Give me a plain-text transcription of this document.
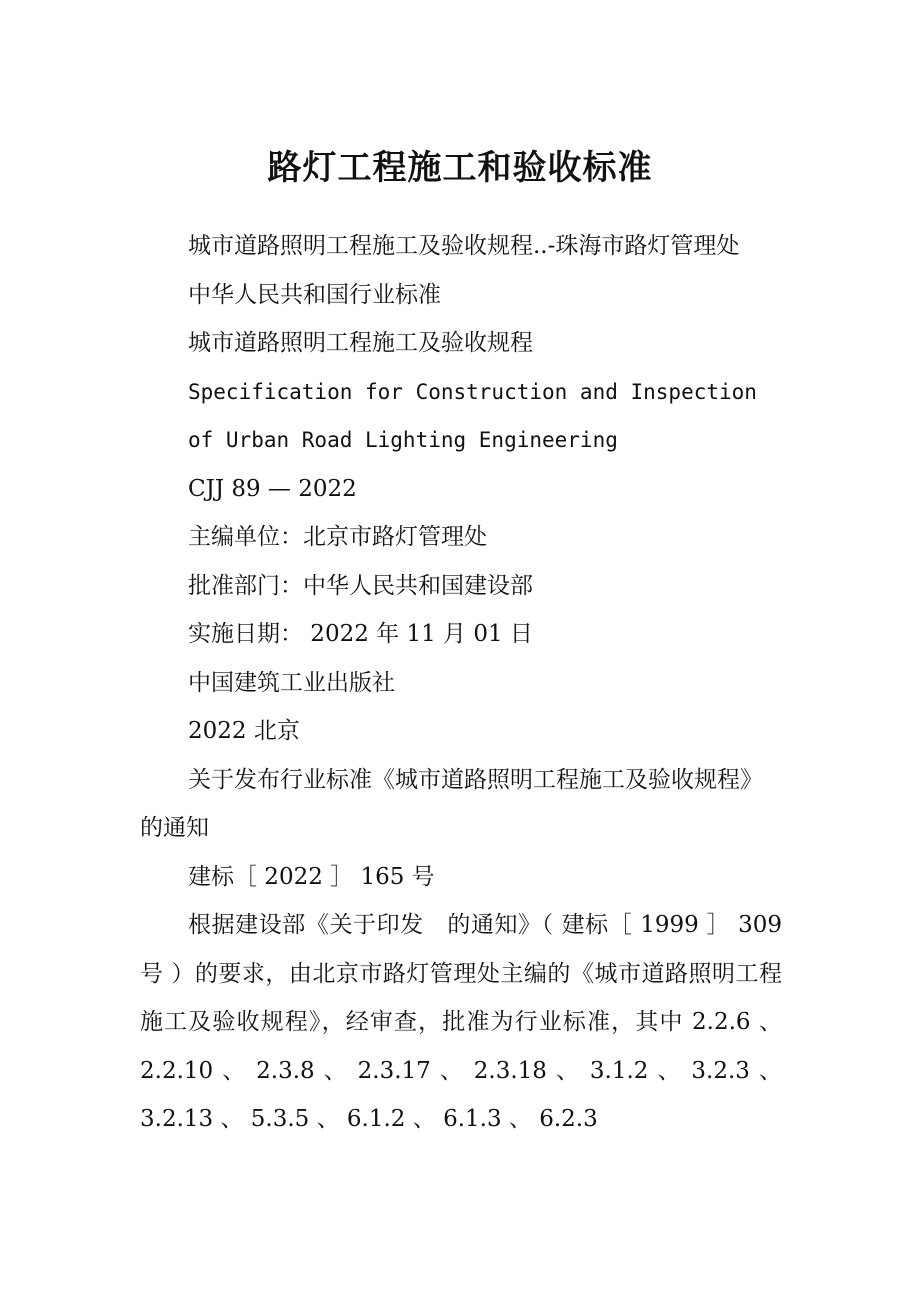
路灯工程施工和验收标准

城市道路照明工程施工及验收规程..-珠海市路灯管理处

中华人民共和国行业标准

城市道路照明工程施工及验收规程

Specification for Construction and Inspection

of Urban Road Lighting Engineering

CJJ 89 — 2022

主编单位：北京市路灯管理处

批准部门：中华人民共和国建设部

实施日期： 2022 年 11 月 01 日

中国建筑工业出版社

2022 北京

关于发布行业标准《城市道路照明工程施工及验收规程》的通知

建标［ 2022 ］ 165 号

根据建设部《关于印发　的通知》（ 建标［ 1999 ］ 309 号 ）的要求，由北京市路灯管理处主编的《城市道路照明工程施工及验收规程》，经审查，批准为行业标准，其中 2.2.6 、 2.2.10 、 2.3.8 、 2.3.17 、 2.3.18 、 3.1.2 、 3.2.3 、3.2.13 、 5.3.5 、 6.1.2 、 6.1.3 、 6.2.3
